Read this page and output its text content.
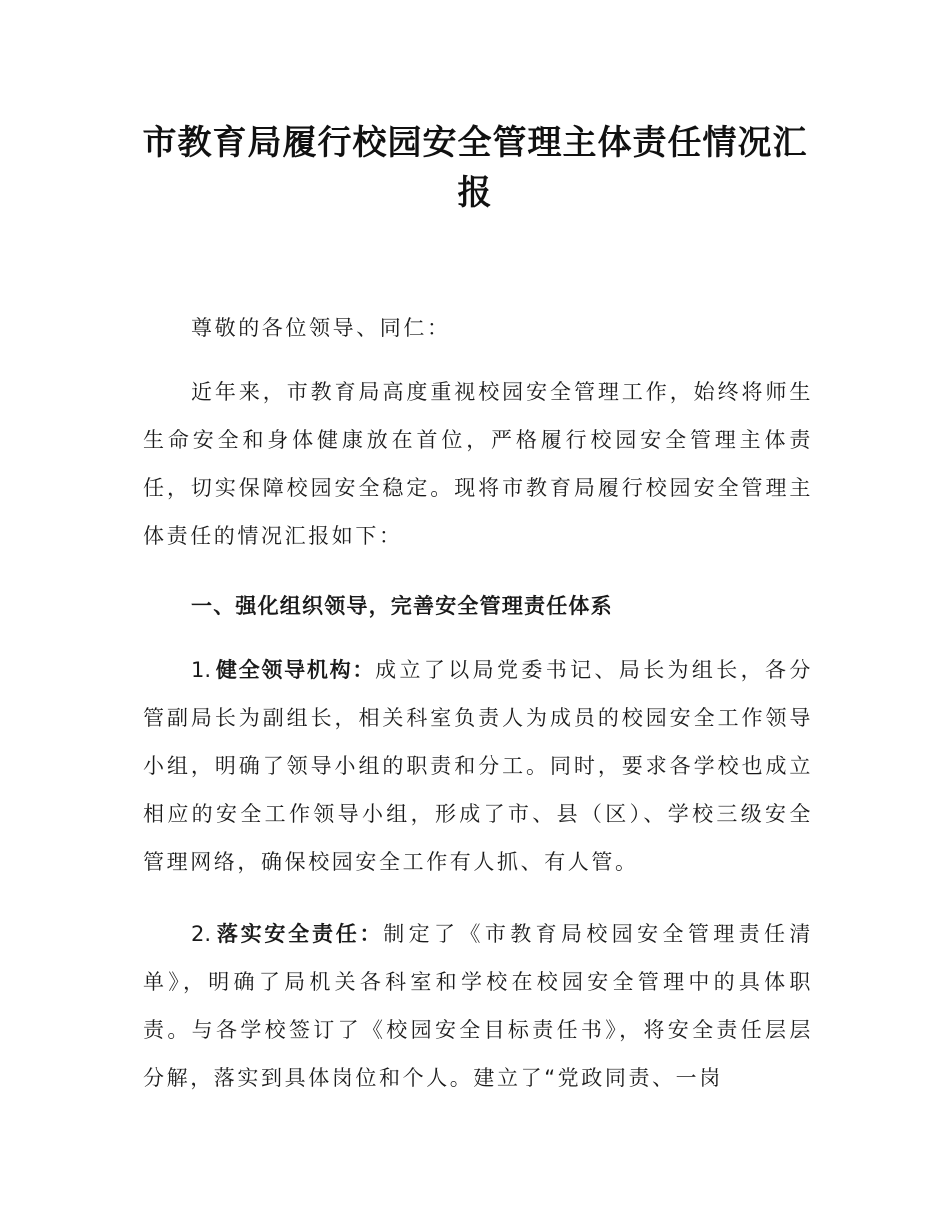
市教育局履行校园安全管理主体责任情况汇报

尊敬的各位领导、同仁：

近年来，市教育局高度重视校园安全管理工作，始终将师生生命安全和身体健康放在首位，严格履行校园安全管理主体责任，切实保障校园安全稳定。现将市教育局履行校园安全管理主体责任的情况汇报如下：

一、强化组织领导，完善安全管理责任体系

1. 健全领导机构：成立了以局党委书记、局长为组长，各分管副局长为副组长，相关科室负责人为成员的校园安全工作领导小组，明确了领导小组的职责和分工。同时，要求各学校也成立相应的安全工作领导小组，形成了市、县（区）、学校三级安全管理网络，确保校园安全工作有人抓、有人管。

2. 落实安全责任：制定了《市教育局校园安全管理责任清单》，明确了局机关各科室和学校在校园安全管理中的具体职责。与各学校签订了《校园安全目标责任书》，将安全责任层层分解，落实到具体岗位和个人。建立了“党政同责、一岗
